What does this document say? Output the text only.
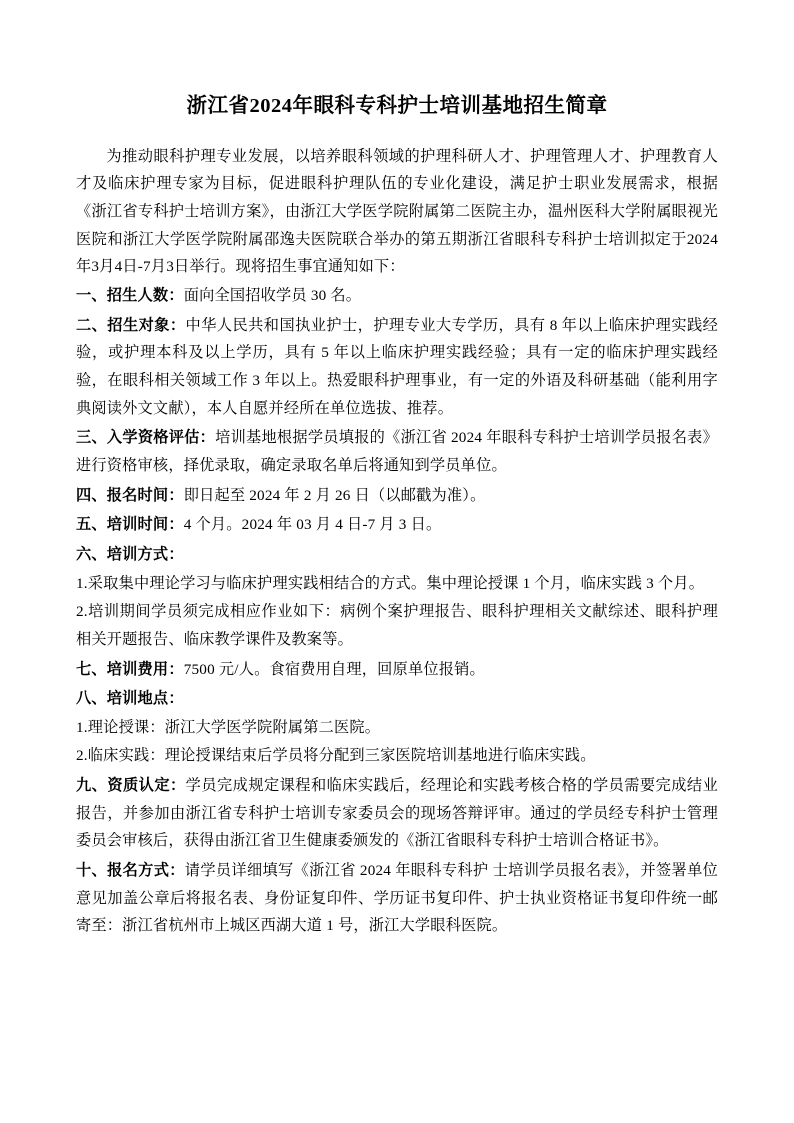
浙江省2024年眼科专科护士培训基地招生简章

为推动眼科护理专业发展，以培养眼科领域的护理科研人才、护理管理人才、护理教育人才及临床护理专家为目标，促进眼科护理队伍的专业化建设，满足护士职业发展需求，根据《浙江省专科护士培训方案》，由浙江大学医学院附属第二医院主办，温州医科大学附属眼视光医院和浙江大学医学院附属邵逸夫医院联合举办的第五期浙江省眼科专科护士培训拟定于2024年3月4日-7月3日举行。现将招生事宜通知如下：

一、招生人数：面向全国招收学员 30 名。

二、招生对象：中华人民共和国执业护士，护理专业大专学历，具有 8 年以上临床护理实践经验，或护理本科及以上学历，具有 5 年以上临床护理实践经验；具有一定的临床护理实践经验，在眼科相关领域工作 3 年以上。热爱眼科护理事业，有一定的外语及科研基础（能利用字典阅读外文文献），本人自愿并经所在单位选拔、推荐。

三、入学资格评估：培训基地根据学员填报的《浙江省 2024 年眼科专科护士培训学员报名表》进行资格审核，择优录取，确定录取名单后将通知到学员单位。

四、报名时间：即日起至 2024 年 2 月 26 日（以邮戳为准）。

五、培训时间：4 个月。2024 年 03 月 4 日-7 月 3 日。

六、培训方式：

1.采取集中理论学习与临床护理实践相结合的方式。集中理论授课 1 个月，临床实践 3 个月。

2.培训期间学员须完成相应作业如下：病例个案护理报告、眼科护理相关文献综述、眼科护理相关开题报告、临床教学课件及教案等。

七、培训费用：7500 元/人。食宿费用自理，回原单位报销。

八、培训地点：

1.理论授课：浙江大学医学院附属第二医院。

2.临床实践：理论授课结束后学员将分配到三家医院培训基地进行临床实践。

九、资质认定：学员完成规定课程和临床实践后，经理论和实践考核合格的学员需要完成结业报告，并参加由浙江省专科护士培训专家委员会的现场答辩评审。通过的学员经专科护士管理委员会审核后，获得由浙江省卫生健康委颁发的《浙江省眼科专科护士培训合格证书》。

十、报名方式：请学员详细填写《浙江省 2024 年眼科专科护 士培训学员报名表》，并签署单位意见加盖公章后将报名表、身份证复印件、学历证书复印件、护士执业资格证书复印件统一邮寄至：浙江省杭州市上城区西湖大道 1 号，浙江大学眼科医院。
